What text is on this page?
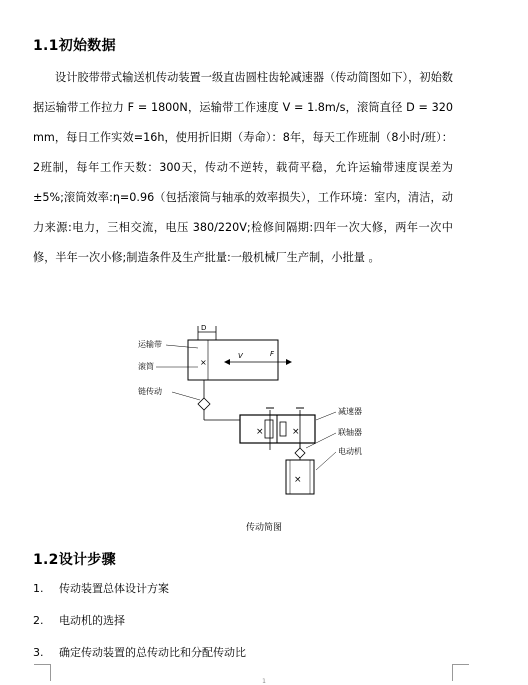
1.1初始数据
设计胶带带式输送机传动装置一级直齿圆柱齿轮减速器（传动简图如下），初始数据运输带工作拉力 F = 1800N，运输带工作速度 V = 1.8m/s，滚筒直径 D = 320mm，每日工作实效=16h，使用折旧期（寿命）：8年，每天工作班制（8小时/班）：2班制，每年工作天数：300天，传动不逆转，载荷平稳，允许运输带速度误差为±5%;滚筒效率:η=0.96（包括滚筒与轴承的效率损失），工作环境：室内，清洁，动力来源:电力，三相交流，电压 380/220V;检修间隔期:四年一次大修，两年一次中修，半年一次小修;制造条件及生产批量:一般机械厂生产制，小批量 。
D
×
V	F
运输带
滚筒
链传动
×	×
减速器
联轴器
电动机
×
传动简图
1.2设计步骤
1.	传动装置总体设计方案
2.	电动机的选择
3.	确定传动装置的总传动比和分配传动比
1
